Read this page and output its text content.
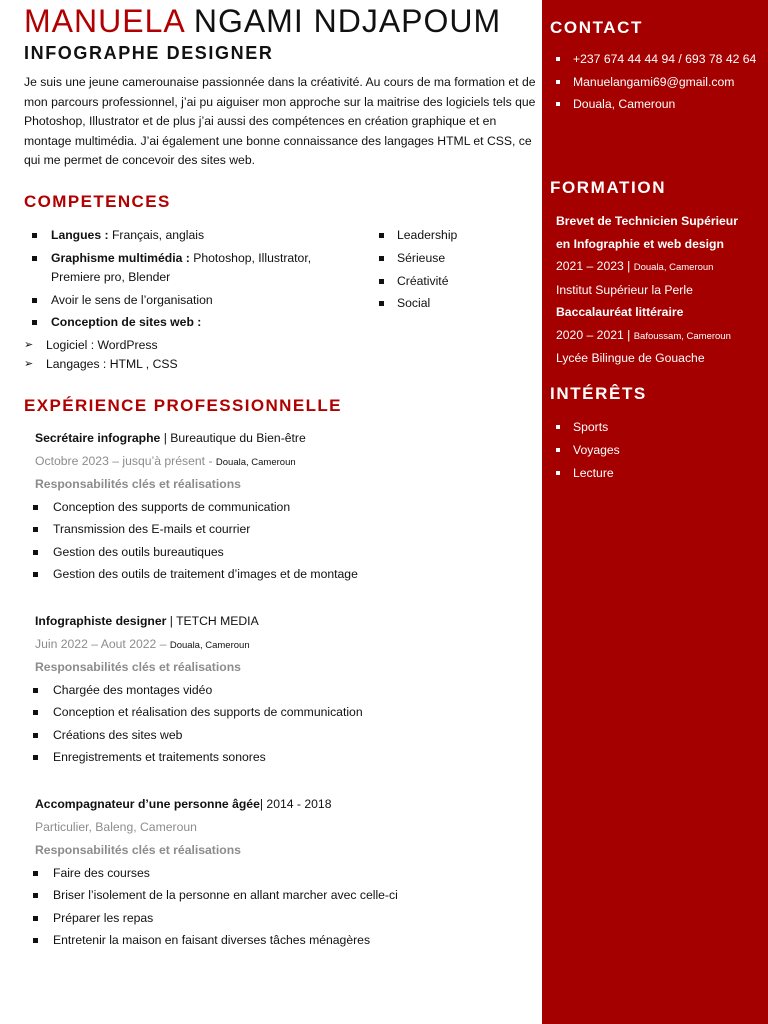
MANUELA NGAMI NDJAPOUM
INFOGRAPHE DESIGNER
Je suis une jeune camerounaise passionnée dans la créativité. Au cours de ma formation et de mon parcours professionnel, j’ai pu aiguiser mon approche sur la maitrise des logiciels tels que Photoshop, Illustrator et de plus j’ai aussi des compétences en création graphique et en montage multimédia. J’ai également une bonne connaissance des langages HTML et CSS, ce qui me permet de concevoir des sites web.
COMPETENCES
Langues : Français, anglais
Graphisme multimédia : Photoshop, Illustrator, Premiere pro, Blender
Avoir le sens de l’organisation
Conception de sites web :
➢ Logiciel : WordPress
➢ Langages : HTML , CSS
Leadership
Sérieuse
Créativité
Social
EXPÉRIENCE PROFESSIONNELLE
Secrétaire infographe | Bureautique du Bien-être
Octobre 2023 – jusqu’à présent - Douala, Cameroun
Responsabilités clés et réalisations
Conception des supports de communication
Transmission des E-mails et courrier
Gestion des outils bureautiques
Gestion des outils de traitement d’images et de montage
Infographiste designer | TETCH MEDIA
Juin 2022 – Aout 2022 – Douala, Cameroun
Responsabilités clés et réalisations
Chargée des montages vidéo
Conception et réalisation des supports de communication
Créations des sites web
Enregistrements et traitements sonores
Accompagnateur d’une personne âgée| 2014 - 2018
Particulier, Baleng, Cameroun
Responsabilités clés et réalisations
Faire des courses
Briser l’isolement de la personne en allant marcher avec celle-ci
Préparer les repas
Entretenir la maison en faisant diverses tâches ménagères
CONTACT
+237 674 44 44 94 / 693 78 42 64
Manuelangami69@gmail.com
Douala, Cameroun
FORMATION
Brevet de Technicien Supérieur
en Infographie et web design
2021 – 2023 | Douala, Cameroun
Institut Supérieur la Perle
Baccalauréat littéraire
2020 – 2021 | Bafoussam, Cameroun
Lycée Bilingue de Gouache
INTÉRÊTS
Sports
Voyages
Lecture
